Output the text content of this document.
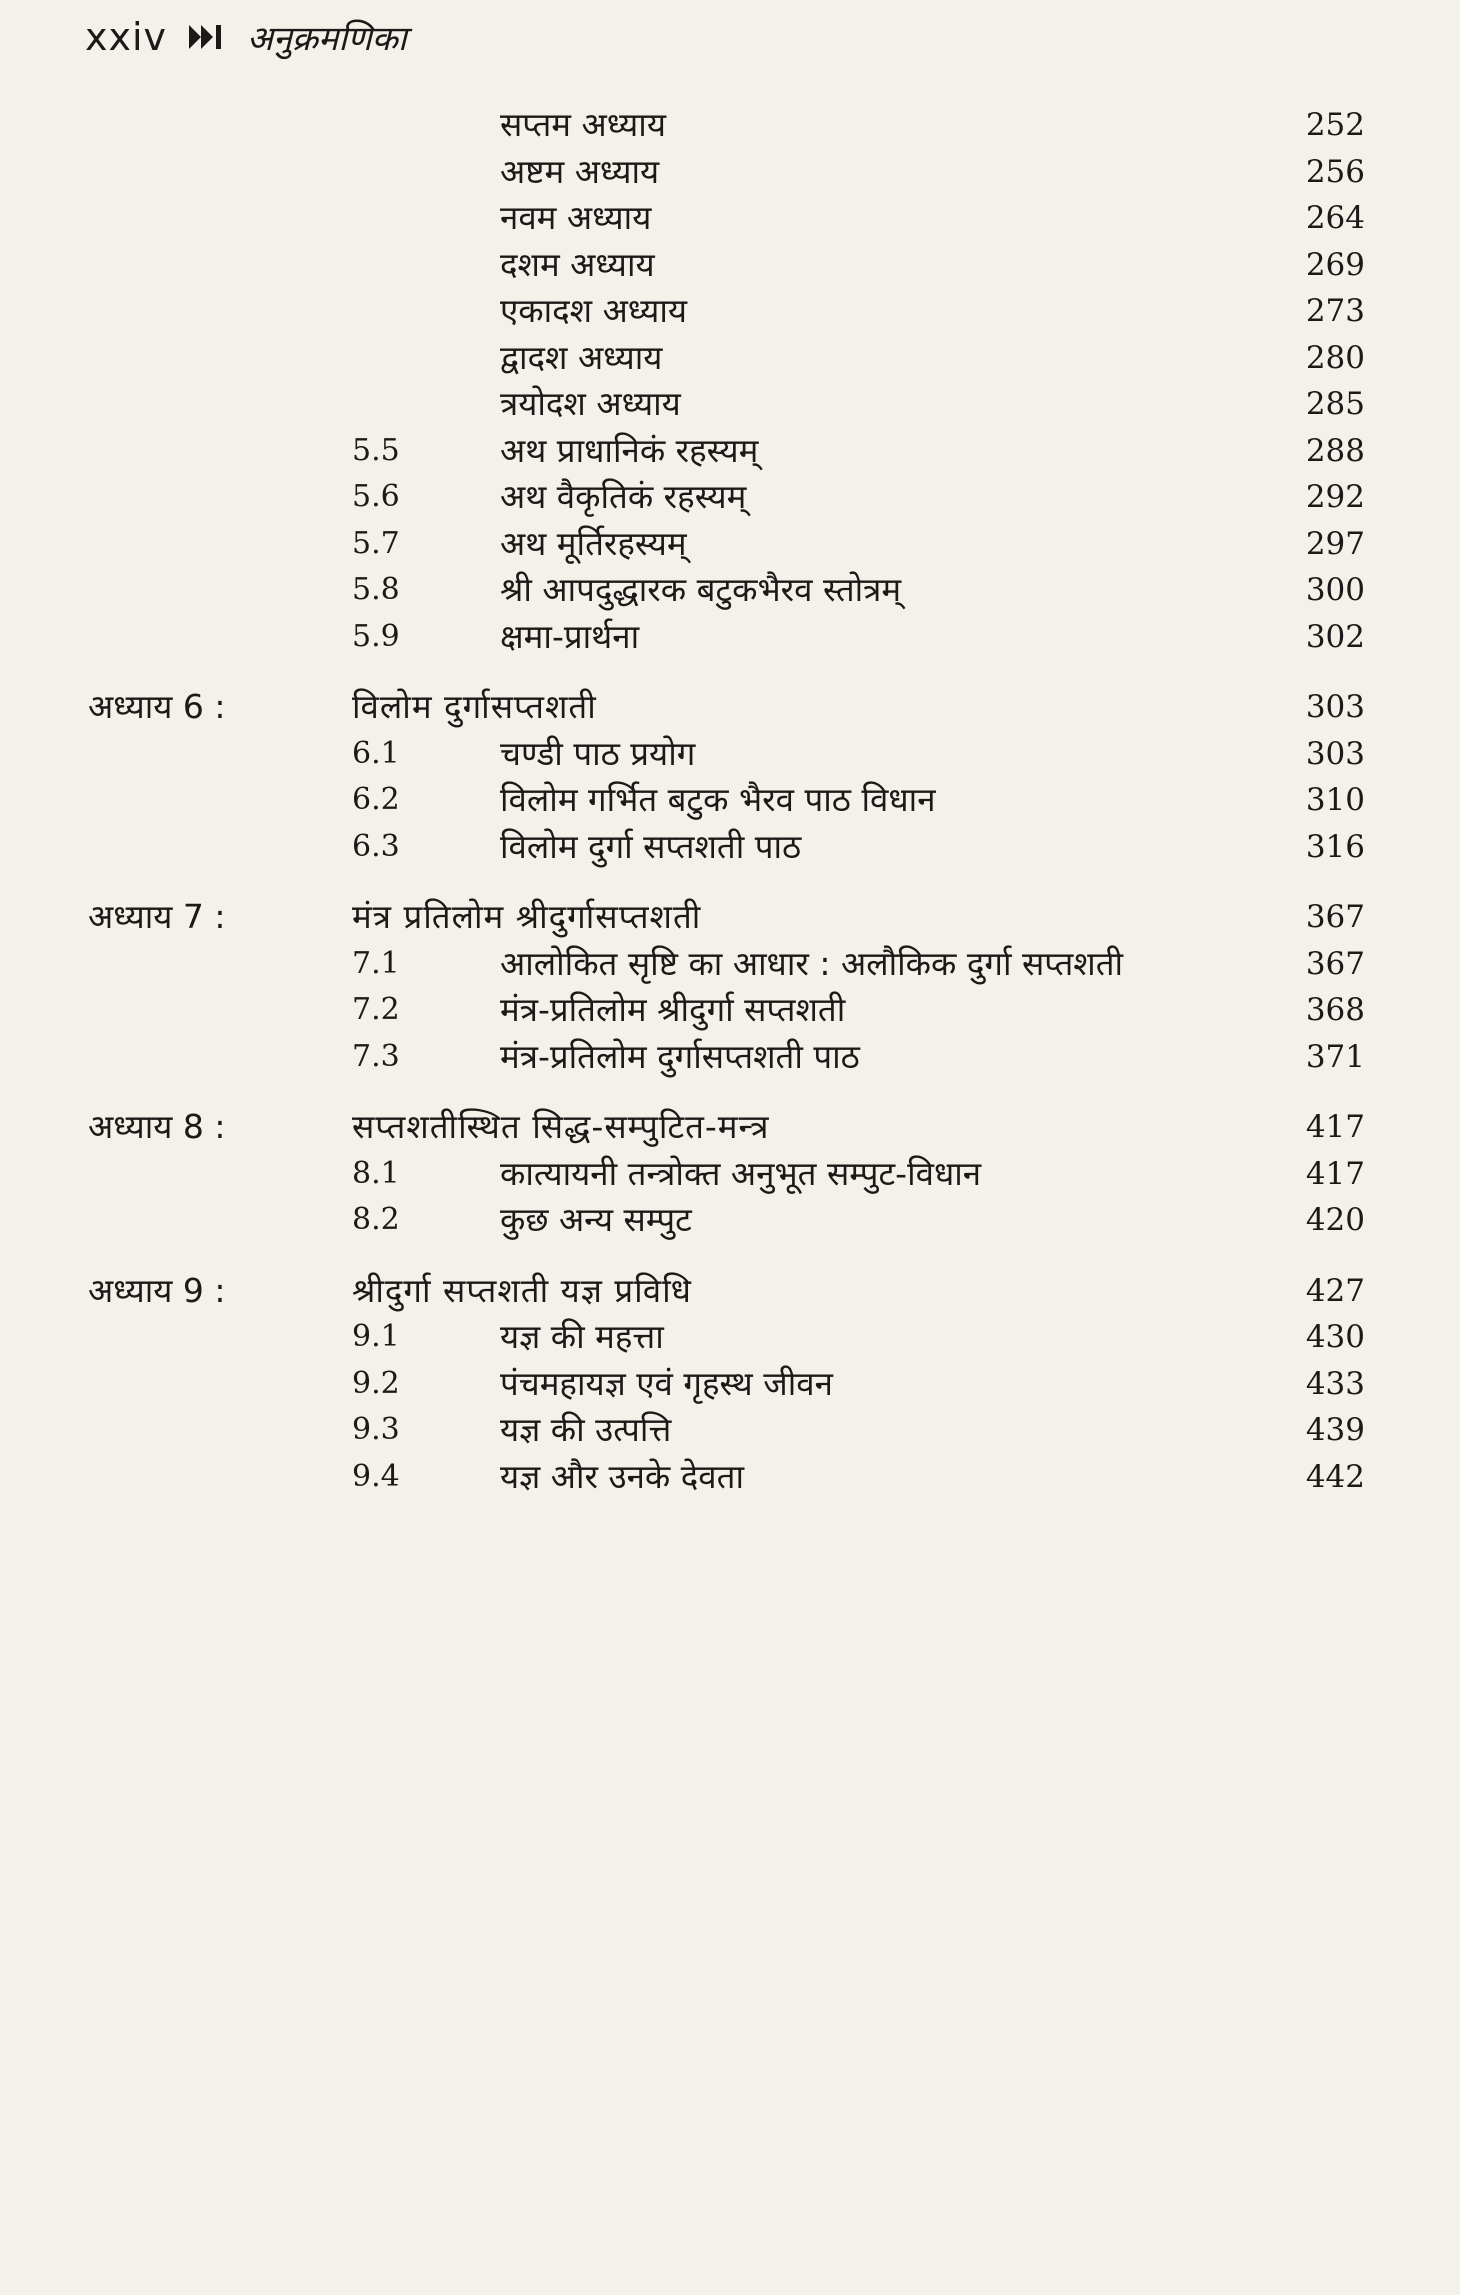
xxiv अनुक्रमणिका
सप्तम अध्याय	252
अष्टम अध्याय	256
नवम अध्याय	264
दशम अध्याय	269
एकादश अध्याय	273
द्वादश अध्याय	280
त्रयोदश अध्याय	285
5.5	अथ प्राधानिकं रहस्यम्	288
5.6	अथ वैकृतिकं रहस्यम्	292
5.7	अथ मूर्तिरहस्यम्	297
5.8	श्री आपदुद्धारक बटुकभैरव स्तोत्रम्	300
5.9	क्षमा-प्रार्थना	302
अध्याय 6 :	विलोम दुर्गासप्तशती	303
6.1	चण्डी पाठ प्रयोग	303
6.2	विलोम गर्भित बटुक भैरव पाठ विधान	310
6.3	विलोम दुर्गा सप्तशती पाठ	316
अध्याय 7 :	मंत्र प्रतिलोम श्रीदुर्गासप्तशती	367
7.1	आलोकित सृष्टि का आधार : अलौकिक दुर्गा सप्तशती	367
7.2	मंत्र-प्रतिलोम श्रीदुर्गा सप्तशती	368
7.3	मंत्र-प्रतिलोम दुर्गासप्तशती पाठ	371
अध्याय 8 :	सप्तशतीस्थित सिद्ध-सम्पुटित-मन्त्र	417
8.1	कात्यायनी तन्त्रोक्त अनुभूत सम्पुट-विधान	417
8.2	कुछ अन्य सम्पुट	420
अध्याय 9 :	श्रीदुर्गा सप्तशती यज्ञ प्रविधि	427
9.1	यज्ञ की महत्ता	430
9.2	पंचमहायज्ञ एवं गृहस्थ जीवन	433
9.3	यज्ञ की उत्पत्ति	439
9.4	यज्ञ और उनके देवता	442
